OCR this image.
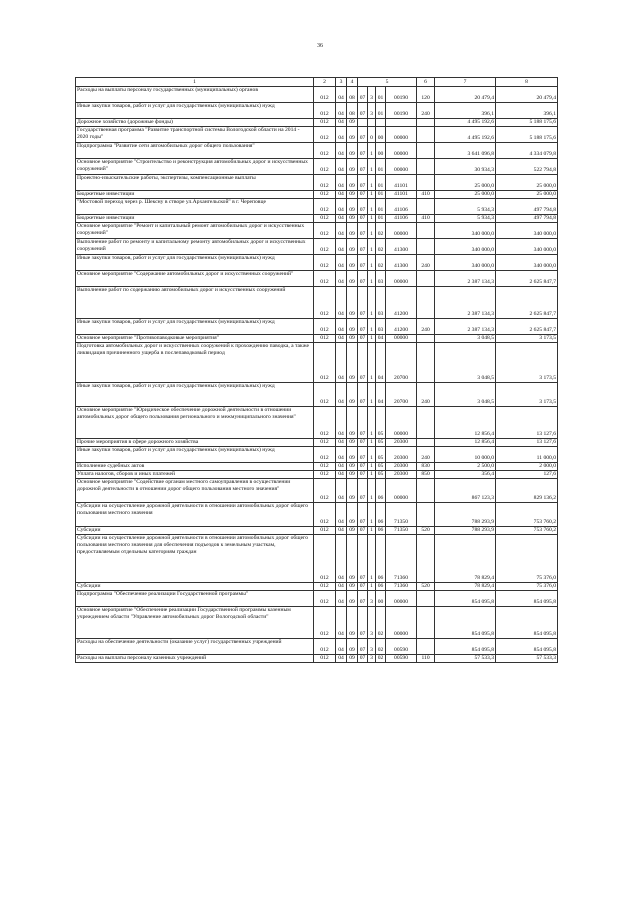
36
1	2	3	4	5				6	7	8
Расходы на выплаты персоналу государственных (муниципальных) органов	012	04	08	07	3	01	00190	120	20 479,4	20 479,4
Иные закупки товаров, работ и услуг для государственных (муниципальных) нужд	012	04	08	07	3	01	00190	240	396,1	396,1
Дорожное хозяйство (дорожные фонды)	012	04	09						4 495 192,6	5 188 175,6
Государственная программа "Развитие транспортной системы Вологодской области на 2014 - 2020 годы"	012	04	09	07	0	00	00000		4 495 192,6	5 188 175,6
Подпрограмма "Развитие сети автомобильных дорог общего пользования"	012	04	09	07	1	00	00000		3 641 096,8	4 334 079,8
Основное мероприятие "Строительство и реконструкция автомобильных дорог и искусственных сооружений"	012	04	09	07	1	01	00000		30 934,3	522 794,8
Проектно-изыскательские работы, экспертизы, компенсационные выплаты	012	04	09	07	1	01	41101		25 000,0	25 000,0
Бюджетные инвестиции	012	04	09	07	1	01	41101	410	25 000,0	25 000,0
"Мостовой переход через р. Шексну в створе ул.Архангельской" в г. Череповце	012	04	09	07	1	01	41106		5 934,3	497 794,8
Бюджетные инвестиции	012	04	09	07	1	01	41106	410	5 934,3	497 794,8
Основное мероприятие "Ремонт и капитальный ремонт автомобильных дорог и искусственных сооружений"	012	04	09	07	1	02	00000		340 000,0	340 000,0
Выполнение работ по ремонту и капитальному ремонту автомобильных дорог и искусственных сооружений	012	04	09	07	1	02	41300		340 000,0	340 000,0
Иные закупки товаров, работ и услуг для государственных (муниципальных) нужд	012	04	09	07	1	02	41300	240	340 000,0	340 000,0
Основное мероприятие "Содержание автомобильных дорог и искусственных сооружений"	012	04	09	07	1	03	00000		2 387 134,3	2 625 847,7
Выполнение работ по содержанию автомобильных дорог и искусственных сооружений	012	04	09	07	1	03	41200		2 387 134,3	2 625 847,7
Иные закупки товаров, работ и услуг для государственных (муниципальных) нужд	012	04	09	07	1	03	41200	240	2 387 134,3	2 625 847,7
Основное мероприятие "Противопаводковые мероприятия"	012	04	09	07	1	04	00000		3 048,5	3 173,5
Подготовка автомобильных дорог и искусственных сооружений к прохождению паводка, а также ликвидация причиненного ущерба в послепаводковый период	012	04	09	07	1	04	20700		3 048,5	3 173,5
Иные закупки товаров, работ и услуг для государственных (муниципальных) нужд	012	04	09	07	1	04	20700	240	3 048,5	3 173,5
Основное мероприятие "Юридическое обеспечение дорожной деятельности в отношении автомобильных дорог общего пользования регионального и межмуниципального значения"	012	04	09	07	1	05	00000		12 856,4	13 127,6
Прочие мероприятия в сфере дорожного хозяйства	012	04	09	07	1	05	20300		12 856,4	13 127,6
Иные закупки товаров, работ и услуг для государственных (муниципальных) нужд	012	04	09	07	1	05	20300	240	10 000,0	11 000,0
Исполнение судебных актов	012	04	09	07	1	05	20300	830	2 500,0	2 000,0
Уплата налогов, сборов и иных платежей	012	04	09	07	1	05	20300	850	356,4	127,6
Основное мероприятие "Содействие органам местного самоуправления в осуществлении дорожной деятельности в отношении дорог общего пользования местного значения"	012	04	09	07	1	06	00000		867 123,3	829 136,2
Субсидии на осуществление дорожной деятельности в отношении автомобильных дорог общего пользования местного значения	012	04	09	07	1	06	71350		788 293,9	753 760,2
Субсидии	012	04	09	07	1	06	71350	520	788 293,9	753 760,2
Субсидии на осуществление дорожной деятельности в отношении автомобильных дорог общего пользования местного значения для обеспечения подъездов к земельным участкам, предоставляемым отдельным категориям граждан	012	04	09	07	1	06	71360		78 829,4	75 376,0
Субсидии	012	04	09	07	1	06	71360	520	78 829,4	75 376,0
Подпрограмма "Обеспечение реализации Государственной программы"	012	04	09	07	3	00	00000		854 095,8	854 095,8
Основное мероприятие "Обеспечение реализации Государственной программы казенным учреждением области "Управление автомобильных дорог Вологодской области"	012	04	09	07	3	02	00000		854 095,8	854 095,8
Расходы на обеспечение деятельности (оказание услуг) государственных учреждений	012	04	09	07	3	02	00590		854 095,8	854 095,8
Расходы на выплаты персоналу казенных учреждений	012	04	09	07	3	02	00590	110	57 533,3	57 533,3
